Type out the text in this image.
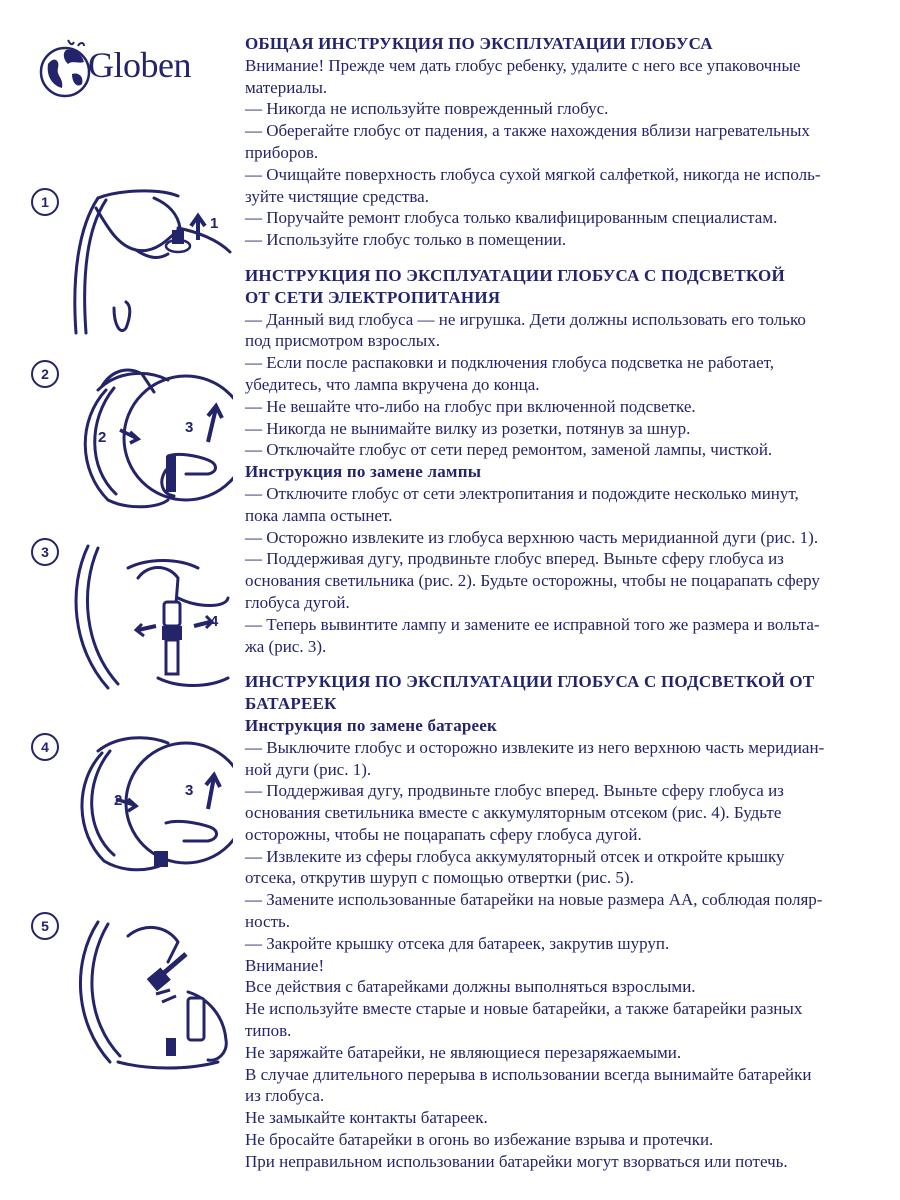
Globen
1
1
2
2
3
3
4
4
2
3
5

ОБЩАЯ ИНСТРУКЦИЯ ПО ЭКСПЛУАТАЦИИ ГЛОБУСА

Внимание! Прежде чем дать глобус ребенку, удалите с него все упаковочные

материалы.

— Никогда не используйте поврежденный глобус.

— Оберегайте глобус от падения, а также нахождения вблизи нагревательных

приборов.

— Очищайте поверхность глобуса сухой мягкой салфеткой, никогда не исполь-

зуйте чистящие средства.

— Поручайте ремонт глобуса только квалифицированным специалистам.

— Используйте глобус только в помещении.

ИНСТРУКЦИЯ ПО ЭКСПЛУАТАЦИИ ГЛОБУСА С ПОДСВЕТКОЙ

ОТ СЕТИ ЭЛЕКТРОПИТАНИЯ

— Данный вид глобуса — не игрушка. Дети должны использовать его только

под присмотром взрослых.

— Если после распаковки и подключения глобуса подсветка не работает,

убедитесь, что лампа вкручена до конца.

— Не вешайте что-либо на глобус при включенной подсветке.

— Никогда не вынимайте вилку из розетки, потянув за шнур.

— Отключайте глобус от сети перед ремонтом, заменой лампы, чисткой.

Инструкция по замене лампы

— Отключите глобус от сети электропитания и подождите несколько минут,

пока лампа остынет.

— Осторожно извлеките из глобуса верхнюю часть меридианной дуги (рис. 1).

— Поддерживая дугу, продвиньте глобус вперед. Выньте сферу глобуса из

основания светильника (рис. 2). Будьте осторожны, чтобы не поцарапать сферу

глобуса дугой.

— Теперь вывинтите лампу и замените ее исправной того же размера и вольта-

жа (рис. 3).

ИНСТРУКЦИЯ ПО ЭКСПЛУАТАЦИИ ГЛОБУСА С ПОДСВЕТКОЙ ОТ

БАТАРЕЕК

Инструкция по замене батареек

— Выключите глобус и осторожно извлеките из него верхнюю часть меридиан-

ной дуги (рис. 1).

— Поддерживая дугу, продвиньте глобус вперед. Выньте сферу глобуса из

основания светильника вместе с аккумуляторным отсеком (рис. 4). Будьте

осторожны, чтобы не поцарапать сферу глобуса дугой.

— Извлеките из сферы глобуса аккумуляторный отсек и откройте крышку

отсека, открутив шуруп с помощью отвертки (рис. 5).

— Замените использованные батарейки на новые размера АА, соблюдая поляр-

ность.

— Закройте крышку отсека для батареек, закрутив шуруп.

Внимание!

Все действия с батарейками должны выполняться взрослыми.

Не используйте вместе старые и новые батарейки, а также батарейки разных

типов.

Не заряжайте батарейки, не являющиеся перезаряжаемыми.

В случае длительного перерыва в использовании всегда вынимайте батарейки

из глобуса.

Не замыкайте контакты батареек.

Не бросайте батарейки в огонь во избежание взрыва и протечки.

При неправильном использовании батарейки могут взорваться или потечь.
